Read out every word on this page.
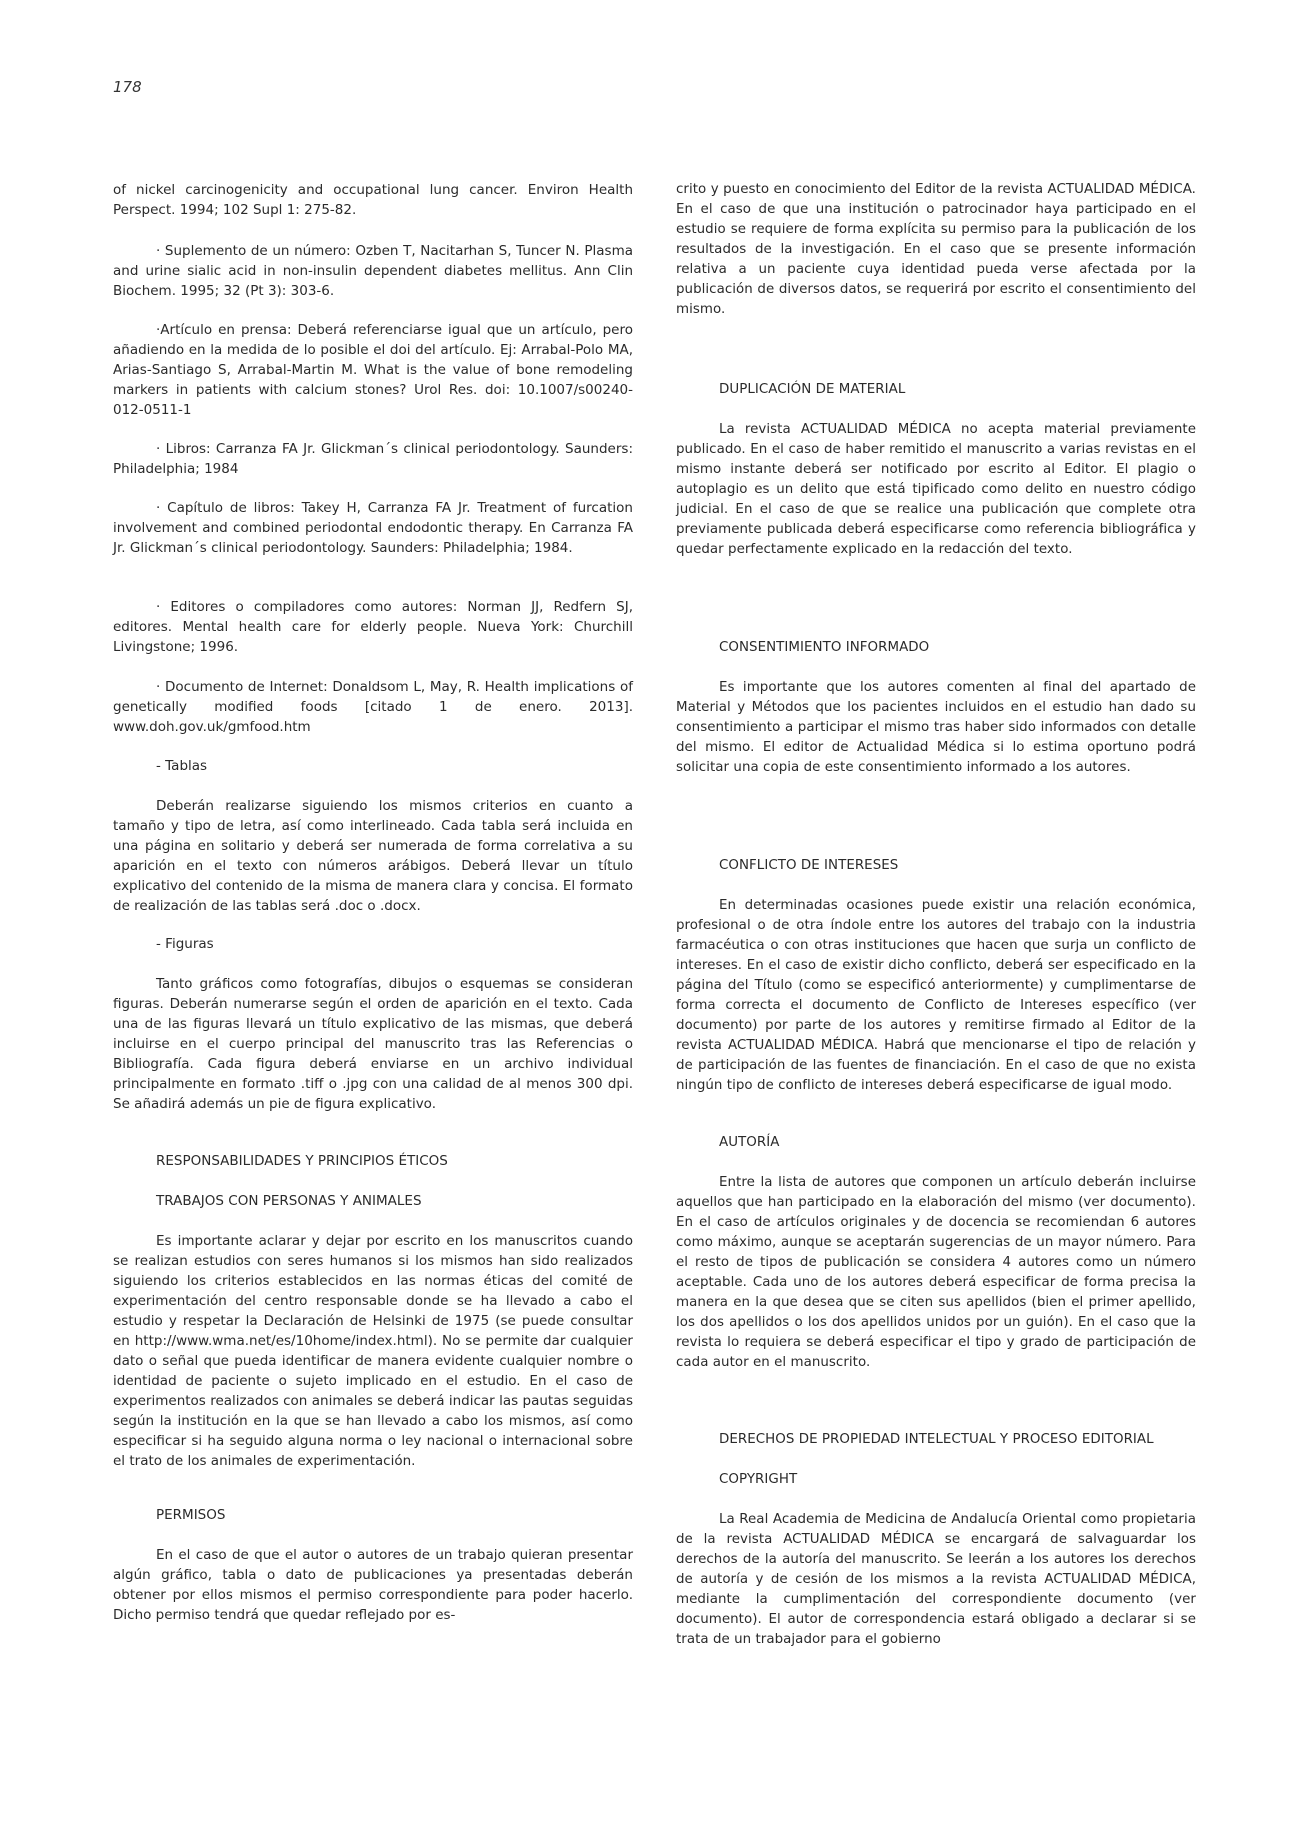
178

of nickel carcinogenicity and occupational lung cancer. Environ Health Perspect. 1994; 102 Supl 1: 275-82.

· Suplemento de un número: Ozben T, Nacitarhan S, Tuncer N. Plasma and urine sialic acid in non-insulin dependent diabetes mellitus. Ann Clin Biochem. 1995; 32 (Pt 3): 303-6.

·Artículo en prensa: Deberá referenciarse igual que un artículo, pero añadiendo en la medida de lo posible el doi del artículo. Ej: Arrabal-Polo MA, Arias-Santiago S, Arrabal-Martin M. What is the value of bone remodeling markers in patients with calcium stones? Urol Res. doi: 10.1007/s00240-012-0511-1

· Libros: Carranza FA Jr. Glickman´s clinical periodontology. Saunders: Philadelphia; 1984

· Capítulo de libros: Takey H, Carranza FA Jr. Treatment of furcation involvement and combined periodontal endodontic therapy. En Carranza FA Jr. Glickman´s clinical periodontology. Saunders: Philadelphia; 1984.

· Editores o compiladores como autores: Norman JJ, Redfern SJ, editores. Mental health care for elderly people. Nueva York: Churchill Livingstone; 1996.

· Documento de Internet: Donaldsom L, May, R. Health implications of genetically modified foods [citado 1 de enero. 2013]. www.doh.gov.uk/gmfood.htm

- Tablas

Deberán realizarse siguiendo los mismos criterios en cuanto a tamaño y tipo de letra, así como interlineado. Cada tabla será incluida en una página en solitario y deberá ser numerada de forma correlativa a su aparición en el texto con números arábigos. Deberá llevar un título explicativo del contenido de la misma de manera clara y concisa. El formato de realización de las tablas será .doc o .docx.

- Figuras

Tanto gráficos como fotografías, dibujos o esquemas se consideran figuras. Deberán numerarse según el orden de aparición en el texto. Cada una de las figuras llevará un título explicativo de las mismas, que deberá incluirse en el cuerpo principal del manuscrito tras las Referencias o Bibliografía. Cada figura deberá enviarse en un archivo individual principalmente en formato .tiff o .jpg con una calidad de al menos 300 dpi. Se añadirá además un pie de figura explicativo.

RESPONSABILIDADES Y PRINCIPIOS ÉTICOS

TRABAJOS CON PERSONAS Y ANIMALES

Es importante aclarar y dejar por escrito en los manuscritos cuando se realizan estudios con seres humanos si los mismos han sido realizados siguiendo los criterios establecidos en las normas éticas del comité de experimentación del centro responsable donde se ha llevado a cabo el estudio y respetar la Declaración de Helsinki de 1975 (se puede consultar en http://www.wma.net/es/10home/index.html). No se permite dar cualquier dato o señal que pueda identificar de manera evidente cualquier nombre o identidad de paciente o sujeto implicado en el estudio. En el caso de experimentos realizados con animales se deberá indicar las pautas seguidas según la institución en la que se han llevado a cabo los mismos, así como especificar si ha seguido alguna norma o ley nacional o internacional sobre el trato de los animales de experimentación.

PERMISOS

En el caso de que el autor o autores de un trabajo quieran presentar algún gráfico, tabla o dato de publicaciones ya presentadas deberán obtener por ellos mismos el permiso correspondiente para poder hacerlo. Dicho permiso tendrá que quedar reflejado por es-

crito y puesto en conocimiento del Editor de la revista ACTUALIDAD MÉDICA. En el caso de que una institución o patrocinador haya participado en el estudio se requiere de forma explícita su permiso para la publicación de los resultados de la investigación. En el caso que se presente información relativa a un paciente cuya identidad pueda verse afectada por la publicación de diversos datos, se requerirá por escrito el consentimiento del mismo.

DUPLICACIÓN DE MATERIAL

La revista ACTUALIDAD MÉDICA no acepta material previamente publicado. En el caso de haber remitido el manuscrito a varias revistas en el mismo instante deberá ser notificado por escrito al Editor. El plagio o autoplagio es un delito que está tipificado como delito en nuestro código judicial. En el caso de que se realice una publicación que complete otra previamente publicada deberá especificarse como referencia bibliográfica y quedar perfectamente explicado en la redacción del texto.

CONSENTIMIENTO INFORMADO

Es importante que los autores comenten al final del apartado de Material y Métodos que los pacientes incluidos en el estudio han dado su consentimiento a participar el mismo tras haber sido informados con detalle del mismo. El editor de Actualidad Médica si lo estima oportuno podrá solicitar una copia de este consentimiento informado a los autores.

CONFLICTO DE INTERESES

En determinadas ocasiones puede existir una relación económica, profesional o de otra índole entre los autores del trabajo con la industria farmacéutica o con otras instituciones que hacen que surja un conflicto de intereses. En el caso de existir dicho conflicto, deberá ser especificado en la página del Título (como se especificó anteriormente) y cumplimentarse de forma correcta el documento de Conflicto de Intereses específico (ver documento) por parte de los autores y remitirse firmado al Editor de la revista ACTUALIDAD MÉDICA. Habrá que mencionarse el tipo de relación y de participación de las fuentes de financiación. En el caso de que no exista ningún tipo de conflicto de intereses deberá especificarse de igual modo.

AUTORÍA

Entre la lista de autores que componen un artículo deberán incluirse aquellos que han participado en la elaboración del mismo (ver documento). En el caso de artículos originales y de docencia se recomiendan 6 autores como máximo, aunque se aceptarán sugerencias de un mayor número. Para el resto de tipos de publicación se considera 4 autores como un número aceptable. Cada uno de los autores deberá especificar de forma precisa la manera en la que desea que se citen sus apellidos (bien el primer apellido, los dos apellidos o los dos apellidos unidos por un guión). En el caso que la revista lo requiera se deberá especificar el tipo y grado de participación de cada autor en el manuscrito.

DERECHOS DE PROPIEDAD INTELECTUAL Y PROCESO EDITORIAL

COPYRIGHT

La Real Academia de Medicina de Andalucía Oriental como propietaria de la revista ACTUALIDAD MÉDICA se encargará de salvaguardar los derechos de la autoría del manuscrito. Se leerán a los autores los derechos de autoría y de cesión de los mismos a la revista ACTUALIDAD MÉDICA, mediante la cumplimentación del correspondiente documento (ver documento). El autor de correspondencia estará obligado a declarar si se trata de un trabajador para el gobierno
